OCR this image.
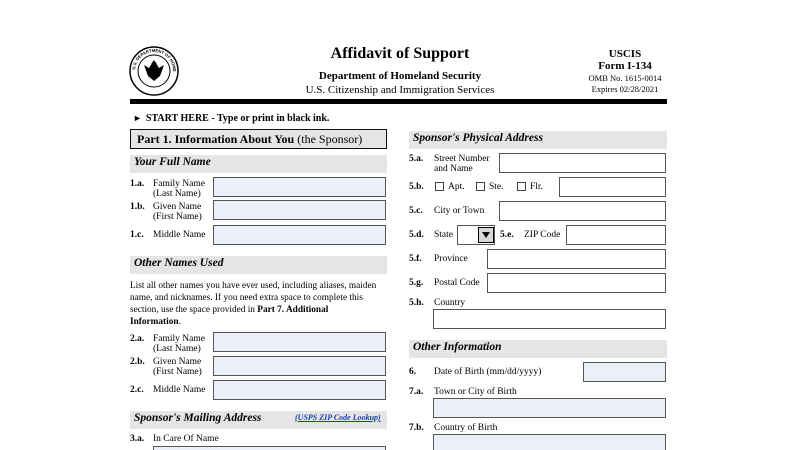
U.S. DEPARTMENT OF HOME
Affidavit of Support
Department of Homeland Security
U.S. Citizenship and Immigration Services
USCIS
Form I-134
OMB No. 1615-0014
Expires 02/28/2021
► START HERE - Type or print in black ink.
Part 1. Information About You (the Sponsor)
Your Full Name
1.a. Family Name
(Last Name)
1.b. Given Name
(First Name)
1.c. Middle Name
Other Names Used
List all other names you have ever used, including aliases, maiden name, and nicknames. If you need extra space to complete this section, use the space provided in Part 7. Additional Information.
2.a. Family Name
(Last Name)
2.b. Given Name
(First Name)
2.c. Middle Name
Sponsor's Mailing Address	(USPS ZIP Code Lookup)
3.a. In Care Of Name
Sponsor's Physical Address
5.a. Street Number
and Name
5.b.	Apt.	Ste.	Flr.
5.c. City or Town
5.d. State	5.e. ZIP Code
5.f. Province
5.g. Postal Code
5.h. Country
Other Information
6. Date of Birth (mm/dd/yyyy)
7.a. Town or City of Birth
7.b. Country of Birth
